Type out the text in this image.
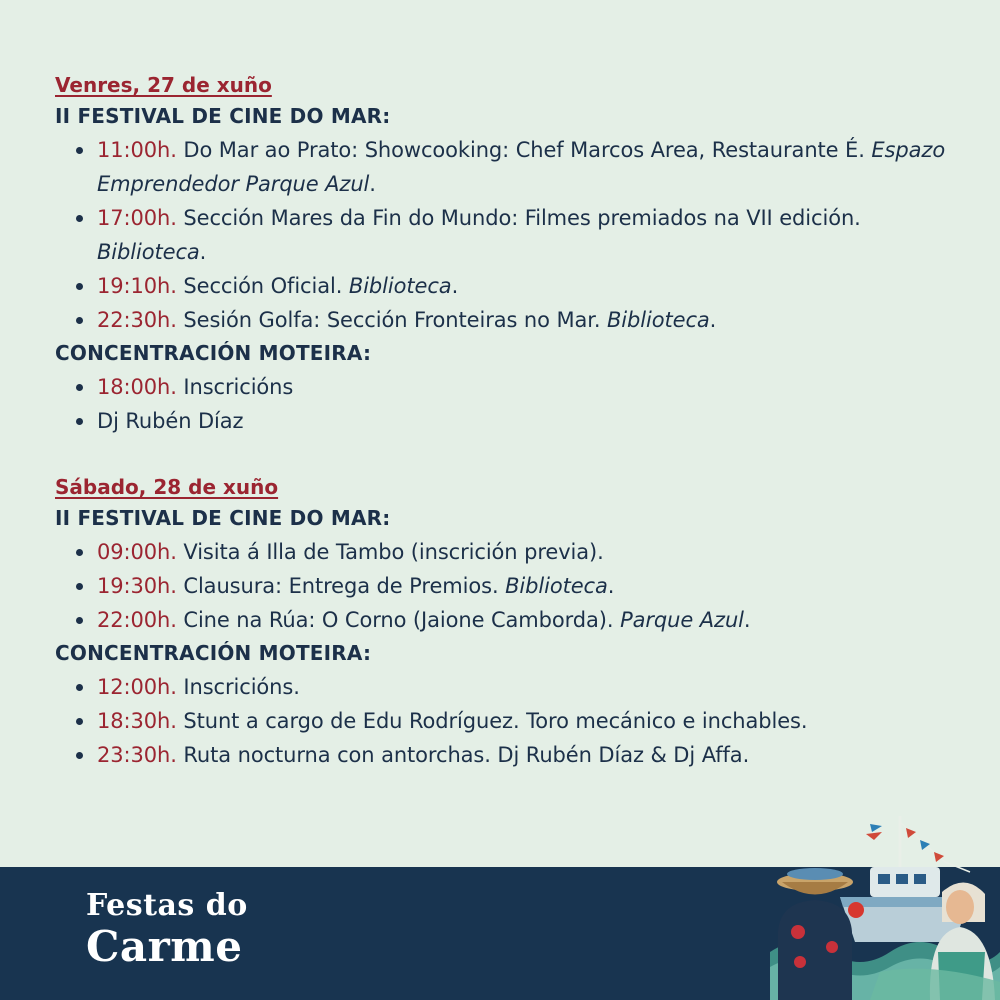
Venres, 27 de xuño
II FESTIVAL DE CINE DO MAR:
11:00h. Do Mar ao Prato: Showcooking: Chef Marcos Area, Restaurante É. Espazo Emprendedor Parque Azul.
17:00h. Sección Mares da Fin do Mundo: Filmes premiados na VII edición. Biblioteca.
19:10h. Sección Oficial. Biblioteca.
22:30h. Sesión Golfa: Sección Fronteiras no Mar. Biblioteca.
CONCENTRACIÓN MOTEIRA:
18:00h. Inscricións
Dj Rubén Díaz
Sábado, 28 de xuño
II FESTIVAL DE CINE DO MAR:
09:00h. Visita á Illa de Tambo (inscrición previa).
19:30h. Clausura: Entrega de Premios. Biblioteca.
22:00h. Cine na Rúa: O Corno (Jaione Camborda). Parque Azul.
CONCENTRACIÓN MOTEIRA:
12:00h. Inscricións.
18:30h. Stunt a cargo de Edu Rodríguez. Toro mecánico e inchables.
23:30h. Ruta nocturna con antorchas. Dj Rubén Díaz & Dj Affa.
Festas do
Carme
